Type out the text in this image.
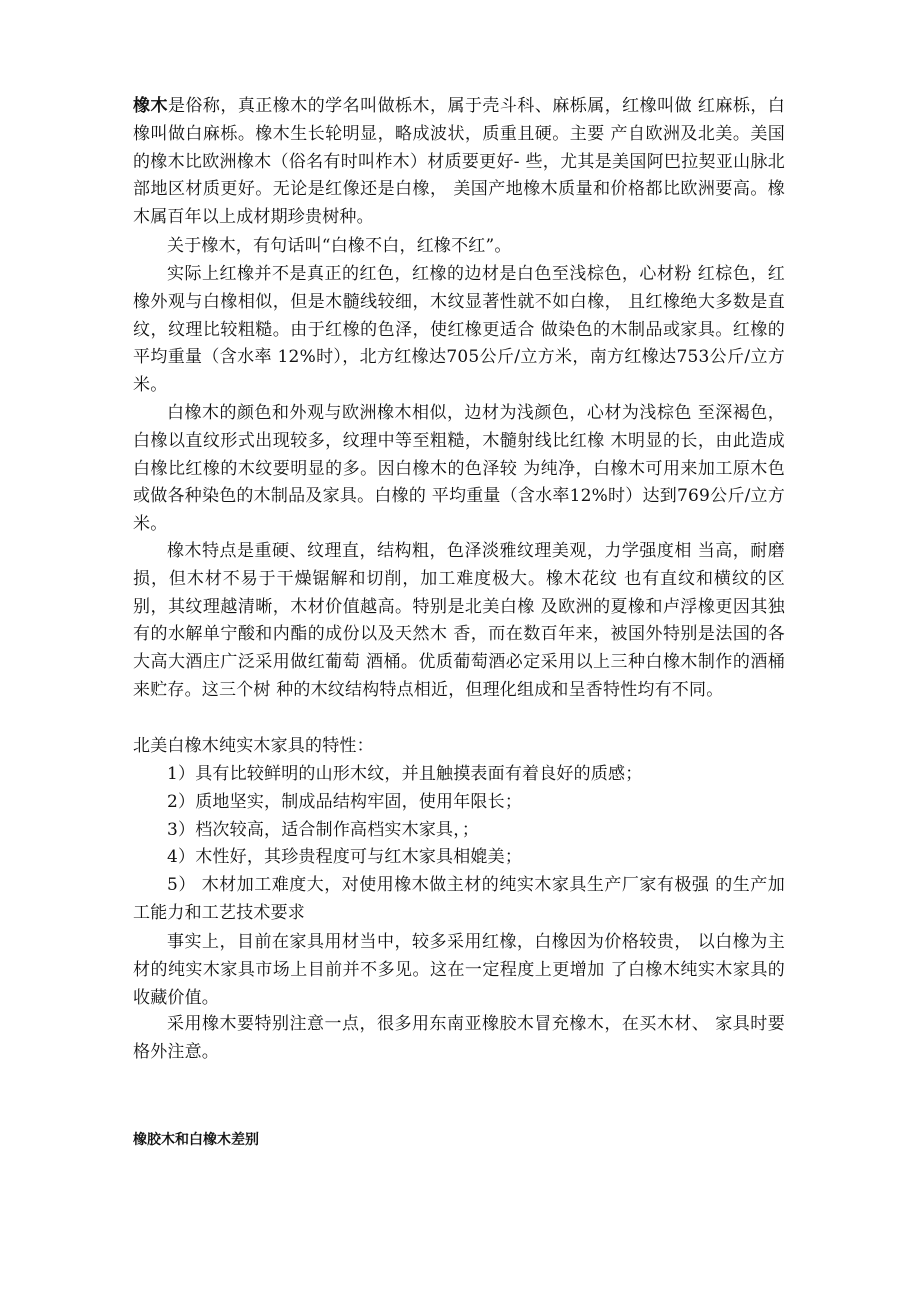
橡木是俗称，真正橡木的学名叫做栎木，属于壳斗科、麻栎属，红橡叫做 红麻栎，白橡叫做白麻栎。橡木生长轮明显，略成波状，质重且硬。主要 产自欧洲及北美。美国的橡木比欧洲橡木（俗名有时叫柞木）材质要更好- 些，尤其是美国阿巴拉契亚山脉北部地区材质更好。无论是红像还是白橡， 美国产地橡木质量和价格都比欧洲要高。橡木属百年以上成材期珍贵树种。

关于橡木，有句话叫“白橡不白，红橡不红”。

实际上红橡并不是真正的红色，红橡的边材是白色至浅棕色，心材粉 红棕色，红橡外观与白橡相似，但是木髓线较细，木纹显著性就不如白橡， 且红橡绝大多数是直纹，纹理比较粗糙。由于红橡的色泽，使红橡更适合 做染色的木制品或家具。红橡的平均重量（含水率 12%时），北方红橡达705公斤/立方米，南方红橡达753公斤/立方米。

白橡木的颜色和外观与欧洲橡木相似，边材为浅颜色，心材为浅棕色 至深褐色，白橡以直纹形式出现较多，纹理中等至粗糙，木髓射线比红橡 木明显的长，由此造成白橡比红橡的木纹要明显的多。因白橡木的色泽较 为纯净，白橡木可用来加工原木色或做各种染色的木制品及家具。白橡的 平均重量（含水率12%时）达到769公斤/立方米。

橡木特点是重硬、纹理直，结构粗，色泽淡雅纹理美观，力学强度相 当高，耐磨损，但木材不易于干燥锯解和切削，加工难度极大。橡木花纹 也有直纹和横纹的区别，其纹理越清晰，木材价值越高。特别是北美白橡 及欧洲的夏橡和卢浮橡更因其独有的水解单宁酸和内酯的成份以及天然木 香，而在数百年来，被国外特别是法国的各大高大酒庄广泛采用做红葡萄 酒桶。优质葡萄酒必定采用以上三种白橡木制作的酒桶来贮存。这三个树 种的木纹结构特点相近，但理化组成和呈香特性均有不同。

北美白橡木纯实木家具的特性：

1）具有比较鲜明的山形木纹，并且触摸表面有着良好的质感；

2）质地坚实，制成品结构牢固，使用年限长；

3）档次较高，适合制作高档实木家具，；

4）木性好，其珍贵程度可与红木家具相媲美；

5） 木材加工难度大，对使用橡木做主材的纯实木家具生产厂家有极强 的生产加工能力和工艺技术要求

事实上，目前在家具用材当中，较多采用红橡，白橡因为价格较贵， 以白橡为主材的纯实木家具市场上目前并不多见。这在一定程度上更增加 了白橡木纯实木家具的收藏价值。

采用橡木要特别注意一点，很多用东南亚橡胶木冒充橡木，在买木材、 家具时要格外注意。

橡胶木和白橡木差别
